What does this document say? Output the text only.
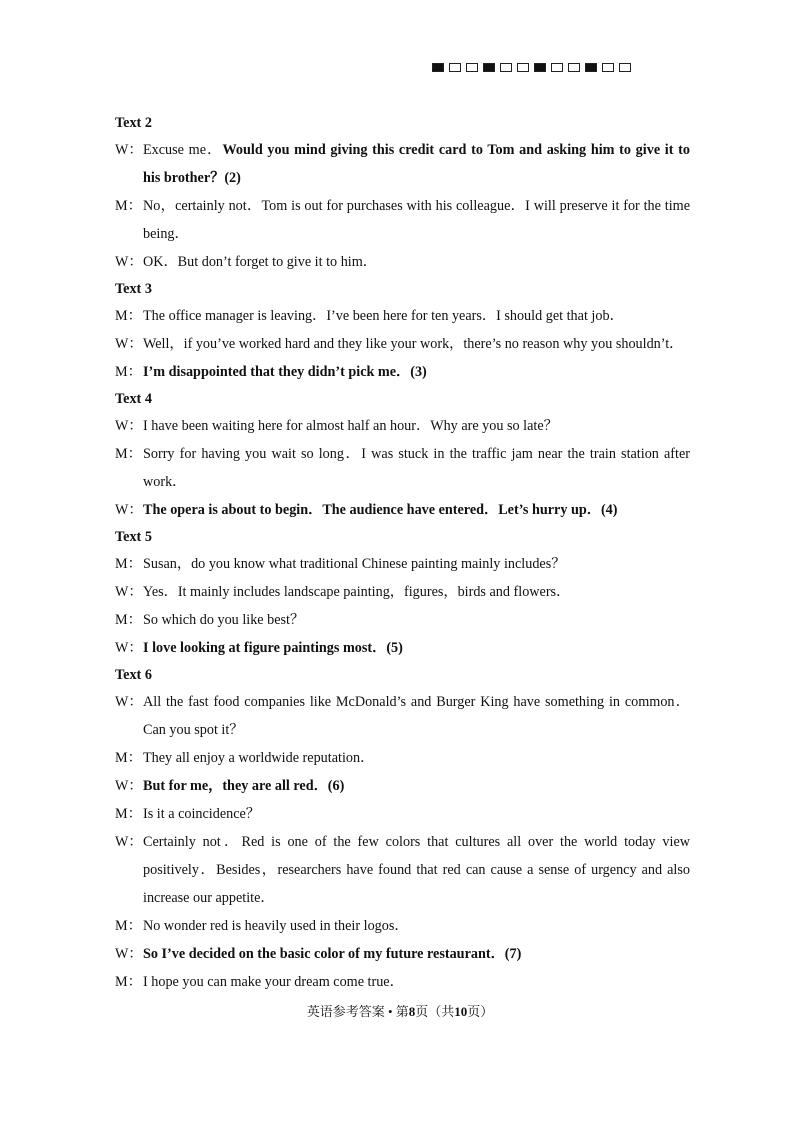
Text 2
W： Excuse me．Would you mind giving this credit card to Tom and asking him to give it to his brother？(2)
M： No，certainly not．Tom is out for purchases with his colleague．I will preserve it for the time being．
W： OK．But don’t forget to give it to him．
Text 3
M： The office manager is leaving．I’ve been here for ten years．I should get that job．
W： Well，if you’ve worked hard and they like your work，there’s no reason why you shouldn’t．
M： I’m disappointed that they didn’t pick me．(3)
Text 4
W： I have been waiting here for almost half an hour．Why are you so late？
M： Sorry for having you wait so long．I was stuck in the traffic jam near the train station after work．
W： The opera is about to begin．The audience have entered．Let’s hurry up．(4)
Text 5
M： Susan，do you know what traditional Chinese painting mainly includes？
W： Yes．It mainly includes landscape painting，figures，birds and flowers．
M： So which do you like best？
W： I love looking at figure paintings most．(5)
Text 6
W： All the fast food companies like McDonald’s and Burger King have something in common．Can you spot it？
M： They all enjoy a worldwide reputation．
W： But for me，they are all red．(6)
M： Is it a coincidence？
W： Certainly not．Red is one of the few colors that cultures all over the world today view positively．Besides，researchers have found that red can cause a sense of urgency and also increase our appetite．
M： No wonder red is heavily used in their logos．
W： So I’ve decided on the basic color of my future restaurant．(7)
M： I hope you can make your dream come true．
英语参考答案 • 第8页（共10页）
